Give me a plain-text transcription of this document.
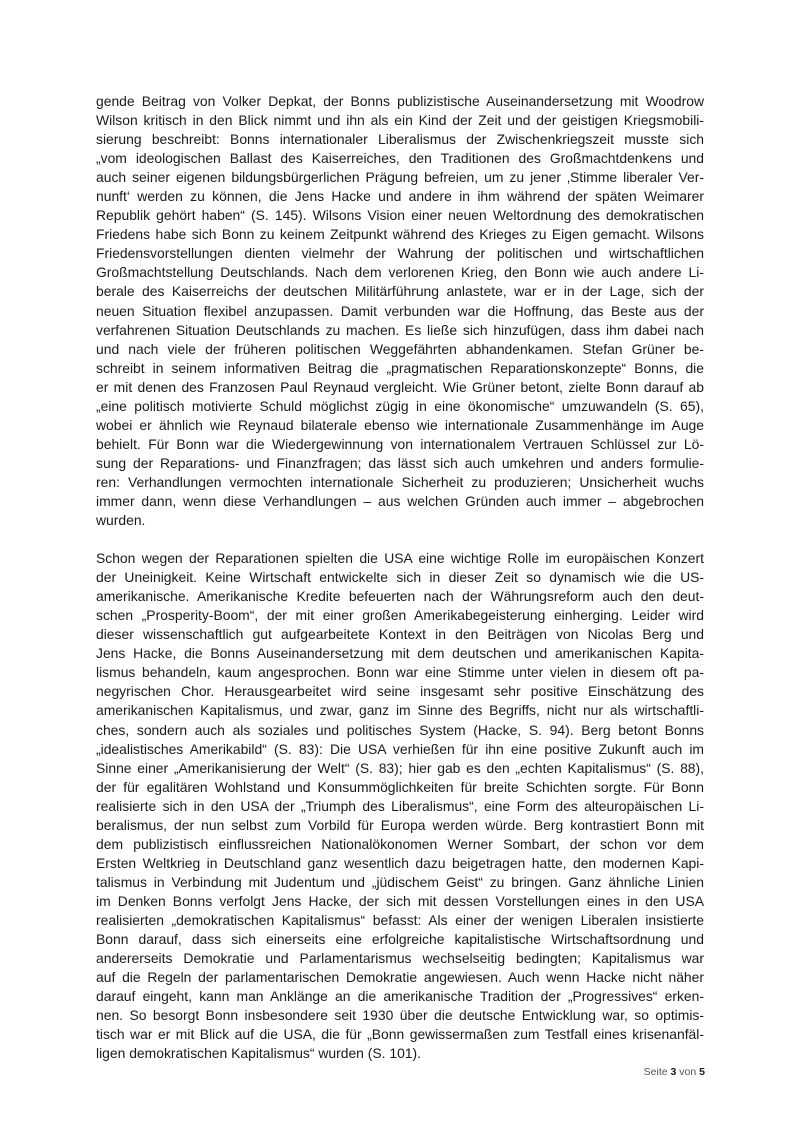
gende Beitrag von Volker Depkat, der Bonns publizistische Auseinandersetzung mit Woodrow
Wilson kritisch in den Blick nimmt und ihn als ein Kind der Zeit und der geistigen Kriegsmobili-
sierung beschreibt: Bonns internationaler Liberalismus der Zwischenkriegszeit musste sich
„vom ideologischen Ballast des Kaiserreiches, den Traditionen des Großmachtdenkens und
auch seiner eigenen bildungsbürgerlichen Prägung befreien, um zu jener ‚Stimme liberaler Ver-
nunft‘ werden zu können, die Jens Hacke und andere in ihm während der späten Weimarer
Republik gehört haben“ (S. 145). Wilsons Vision einer neuen Weltordnung des demokratischen
Friedens habe sich Bonn zu keinem Zeitpunkt während des Krieges zu Eigen gemacht. Wilsons
Friedensvorstellungen dienten vielmehr der Wahrung der politischen und wirtschaftlichen
Großmachtstellung Deutschlands. Nach dem verlorenen Krieg, den Bonn wie auch andere Li-
berale des Kaiserreichs der deutschen Militärführung anlastete, war er in der Lage, sich der
neuen Situation flexibel anzupassen. Damit verbunden war die Hoffnung, das Beste aus der
verfahrenen Situation Deutschlands zu machen. Es ließe sich hinzufügen, dass ihm dabei nach
und nach viele der früheren politischen Weggefährten abhandenkamen. Stefan Grüner be-
schreibt in seinem informativen Beitrag die „pragmatischen Reparationskonzepte“ Bonns, die
er mit denen des Franzosen Paul Reynaud vergleicht. Wie Grüner betont, zielte Bonn darauf ab
„eine politisch motivierte Schuld möglichst zügig in eine ökonomische“ umzuwandeln (S. 65),
wobei er ähnlich wie Reynaud bilaterale ebenso wie internationale Zusammenhänge im Auge
behielt. Für Bonn war die Wiedergewinnung von internationalem Vertrauen Schlüssel zur Lö-
sung der Reparations- und Finanzfragen; das lässt sich auch umkehren und anders formulie-
ren: Verhandlungen vermochten internationale Sicherheit zu produzieren; Unsicherheit wuchs
immer dann, wenn diese Verhandlungen – aus welchen Gründen auch immer – abgebrochen
wurden.
Schon wegen der Reparationen spielten die USA eine wichtige Rolle im europäischen Konzert
der Uneinigkeit. Keine Wirtschaft entwickelte sich in dieser Zeit so dynamisch wie die US-
amerikanische. Amerikanische Kredite befeuerten nach der Währungsreform auch den deut-
schen „Prosperity-Boom“, der mit einer großen Amerikabegeisterung einherging. Leider wird
dieser wissenschaftlich gut aufgearbeitete Kontext in den Beiträgen von Nicolas Berg und
Jens Hacke, die Bonns Auseinandersetzung mit dem deutschen und amerikanischen Kapita-
lismus behandeln, kaum angesprochen. Bonn war eine Stimme unter vielen in diesem oft pa-
negyrischen Chor. Herausgearbeitet wird seine insgesamt sehr positive Einschätzung des
amerikanischen Kapitalismus, und zwar, ganz im Sinne des Begriffs, nicht nur als wirtschaftli-
ches, sondern auch als soziales und politisches System (Hacke, S. 94). Berg betont Bonns
„idealistisches Amerikabild“ (S. 83): Die USA verhießen für ihn eine positive Zukunft auch im
Sinne einer „Amerikanisierung der Welt“ (S. 83); hier gab es den „echten Kapitalismus“ (S. 88),
der für egalitären Wohlstand und Konsummöglichkeiten für breite Schichten sorgte. Für Bonn
realisierte sich in den USA der „Triumph des Liberalismus“, eine Form des alteuropäischen Li-
beralismus, der nun selbst zum Vorbild für Europa werden würde. Berg kontrastiert Bonn mit
dem publizistisch einflussreichen Nationalökonomen Werner Sombart, der schon vor dem
Ersten Weltkrieg in Deutschland ganz wesentlich dazu beigetragen hatte, den modernen Kapi-
talismus in Verbindung mit Judentum und „jüdischem Geist“ zu bringen. Ganz ähnliche Linien
im Denken Bonns verfolgt Jens Hacke, der sich mit dessen Vorstellungen eines in den USA
realisierten „demokratischen Kapitalismus“ befasst: Als einer der wenigen Liberalen insistierte
Bonn darauf, dass sich einerseits eine erfolgreiche kapitalistische Wirtschaftsordnung und
andererseits Demokratie und Parlamentarismus wechselseitig bedingten; Kapitalismus war
auf die Regeln der parlamentarischen Demokratie angewiesen. Auch wenn Hacke nicht näher
darauf eingeht, kann man Anklänge an die amerikanische Tradition der „Progressives“ erken-
nen. So besorgt Bonn insbesondere seit 1930 über die deutsche Entwicklung war, so optimis-
tisch war er mit Blick auf die USA, die für „Bonn gewissermaßen zum Testfall eines krisenanfäl-
ligen demokratischen Kapitalismus“ wurden (S. 101).
Seite 3 von 5
